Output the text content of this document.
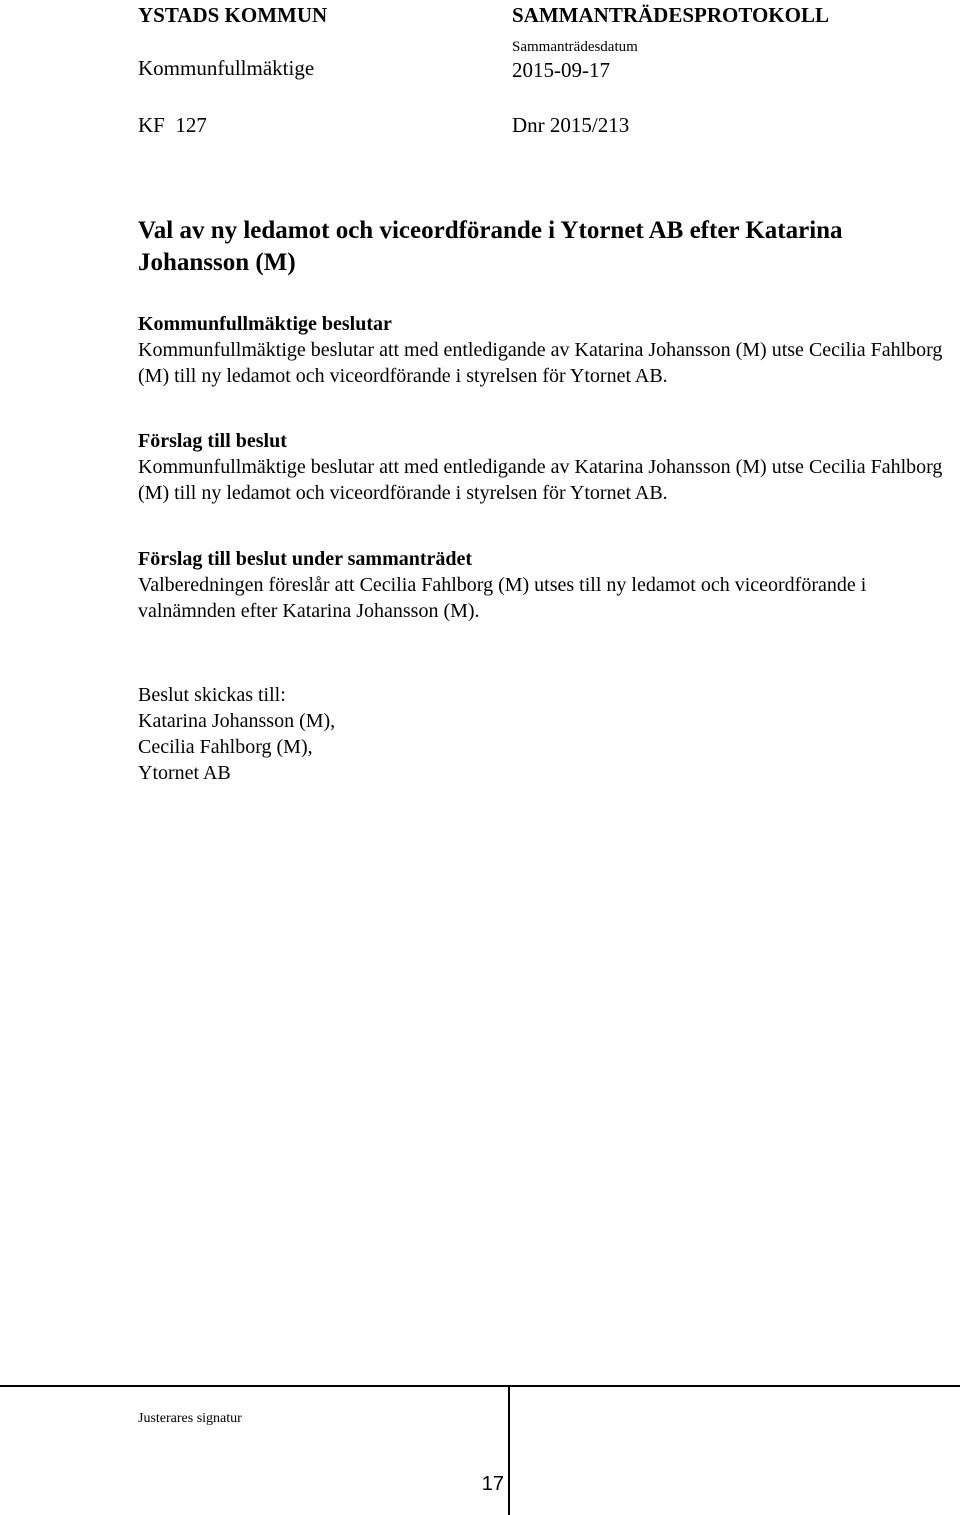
YSTADS KOMMUN	SAMMANTRÄDESPROTOKOLL
Kommunfullmäktige
Sammanträdesdatum
2015-09-17
KF  127	Dnr 2015/213
Val av ny ledamot och viceordförande i Ytornet AB efter Katarina Johansson (M)
Kommunfullmäktige beslutar
Kommunfullmäktige beslutar att med entledigande av Katarina Johansson (M) utse Cecilia Fahlborg (M) till ny ledamot och viceordförande i styrelsen för Ytornet AB.
Förslag till beslut
Kommunfullmäktige beslutar att med entledigande av Katarina Johansson (M) utse Cecilia Fahlborg (M) till ny ledamot och viceordförande i styrelsen för Ytornet AB.
Förslag till beslut under sammanträdet
Valberedningen föreslår att Cecilia Fahlborg (M) utses till ny ledamot och viceordförande i valnämnden efter Katarina Johansson (M).
Beslut skickas till:
Katarina Johansson (M),
Cecilia Fahlborg (M),
Ytornet AB
Justerares signatur
17
